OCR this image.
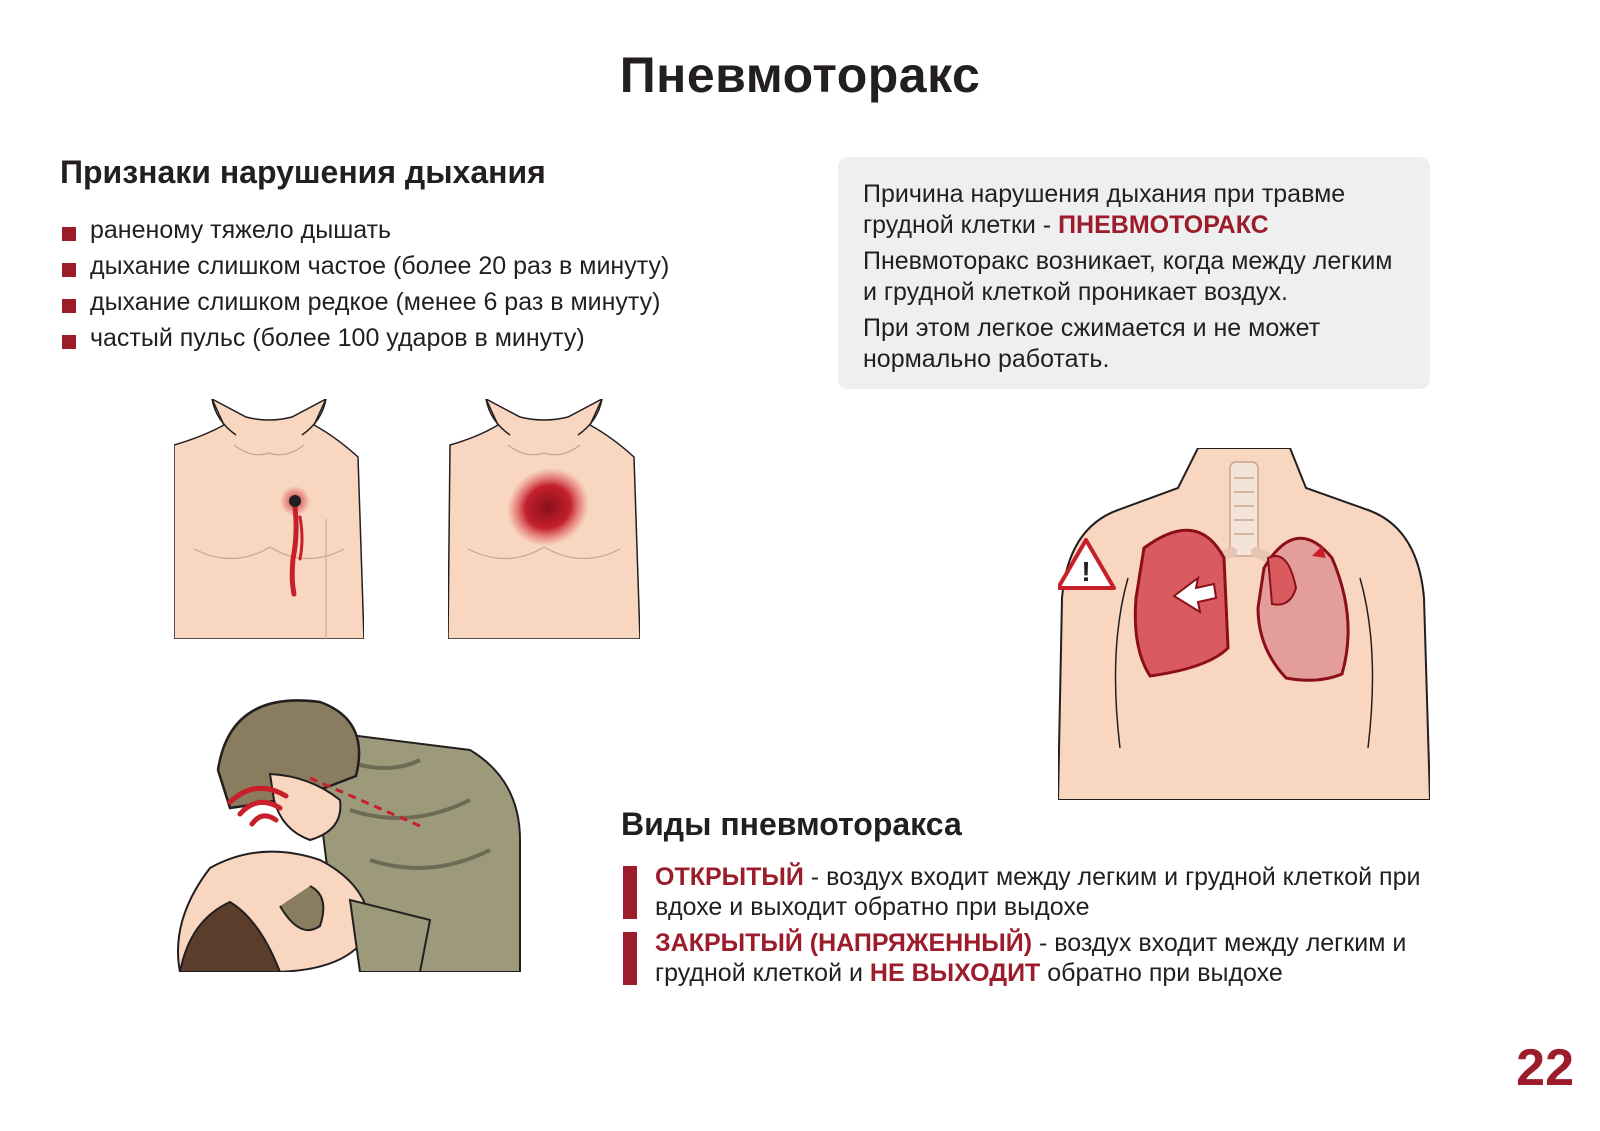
Пневмоторакс
Признаки нарушения дыхания
раненому тяжело дышать
дыхание слишком частое (более 20 раз в минуту)
дыхание слишком редкое (менее 6 раз в минуту)
частый пульс (более 100 ударов в минуту)

Причина нарушения дыхания при травме грудной клетки - ПНЕВМОТОРАКС

Пневмоторакс возникает, когда между легким и грудной клеткой проникает воздух.

При этом легкое сжимается и не может нормально работать.

!
Виды пневмоторакса
ОТКРЫТЫЙ - воздух входит между легким и грудной клеткой при вдохе и выходит обратно при выдохе
ЗАКРЫТЫЙ (НАПРЯЖЕННЫЙ) - воздух входит между легким и грудной клеткой и НЕ ВЫХОДИТ обратно при выдохе
22
